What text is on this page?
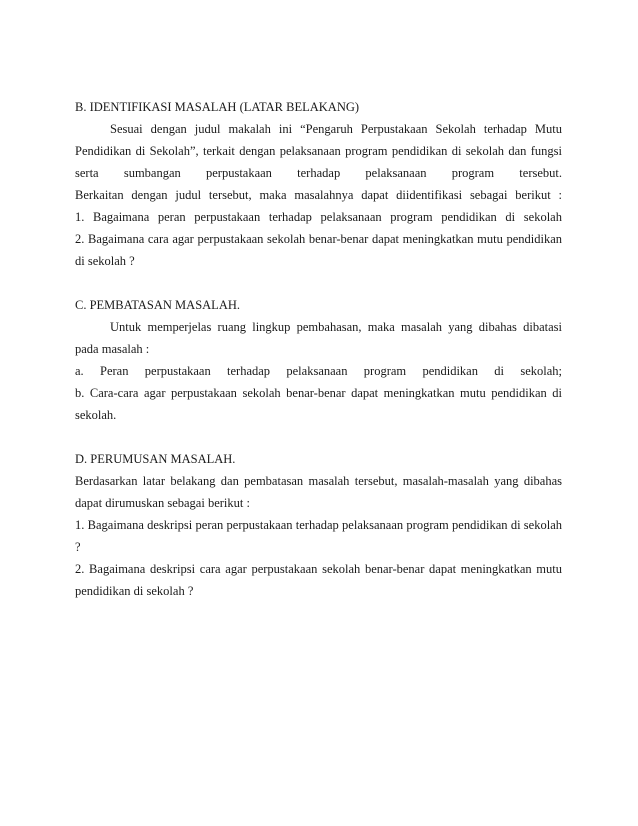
B. IDENTIFIKASI MASALAH (LATAR BELAKANG)
Sesuai dengan judul makalah ini “Pengaruh Perpustakaan Sekolah terhadap Mutu
Pendidikan di Sekolah”, terkait dengan pelaksanaan program pendidikan di sekolah dan fungsi
serta sumbangan perpustakaan terhadap pelaksanaan program tersebut.
Berkaitan dengan judul tersebut, maka masalahnya dapat diidentifikasi sebagai berikut :
1. Bagaimana peran perpustakaan terhadap pelaksanaan program pendidikan di sekolah
2. Bagaimana cara agar perpustakaan sekolah benar-benar dapat meningkatkan mutu pendidikan
di sekolah ?
C. PEMBATASAN MASALAH.
Untuk memperjelas ruang lingkup pembahasan, maka masalah yang dibahas dibatasi
pada masalah :
a. Peran perpustakaan terhadap pelaksanaan program pendidikan di sekolah;
b. Cara-cara agar perpustakaan sekolah benar-benar dapat meningkatkan mutu pendidikan di
sekolah.
D. PERUMUSAN MASALAH.
Berdasarkan latar belakang dan pembatasan masalah tersebut, masalah-masalah yang dibahas
dapat dirumuskan sebagai berikut :
1. Bagaimana deskripsi peran perpustakaan terhadap pelaksanaan program pendidikan di sekolah
?
2. Bagaimana deskripsi cara agar perpustakaan sekolah benar-benar dapat meningkatkan mutu
pendidikan di sekolah ?
